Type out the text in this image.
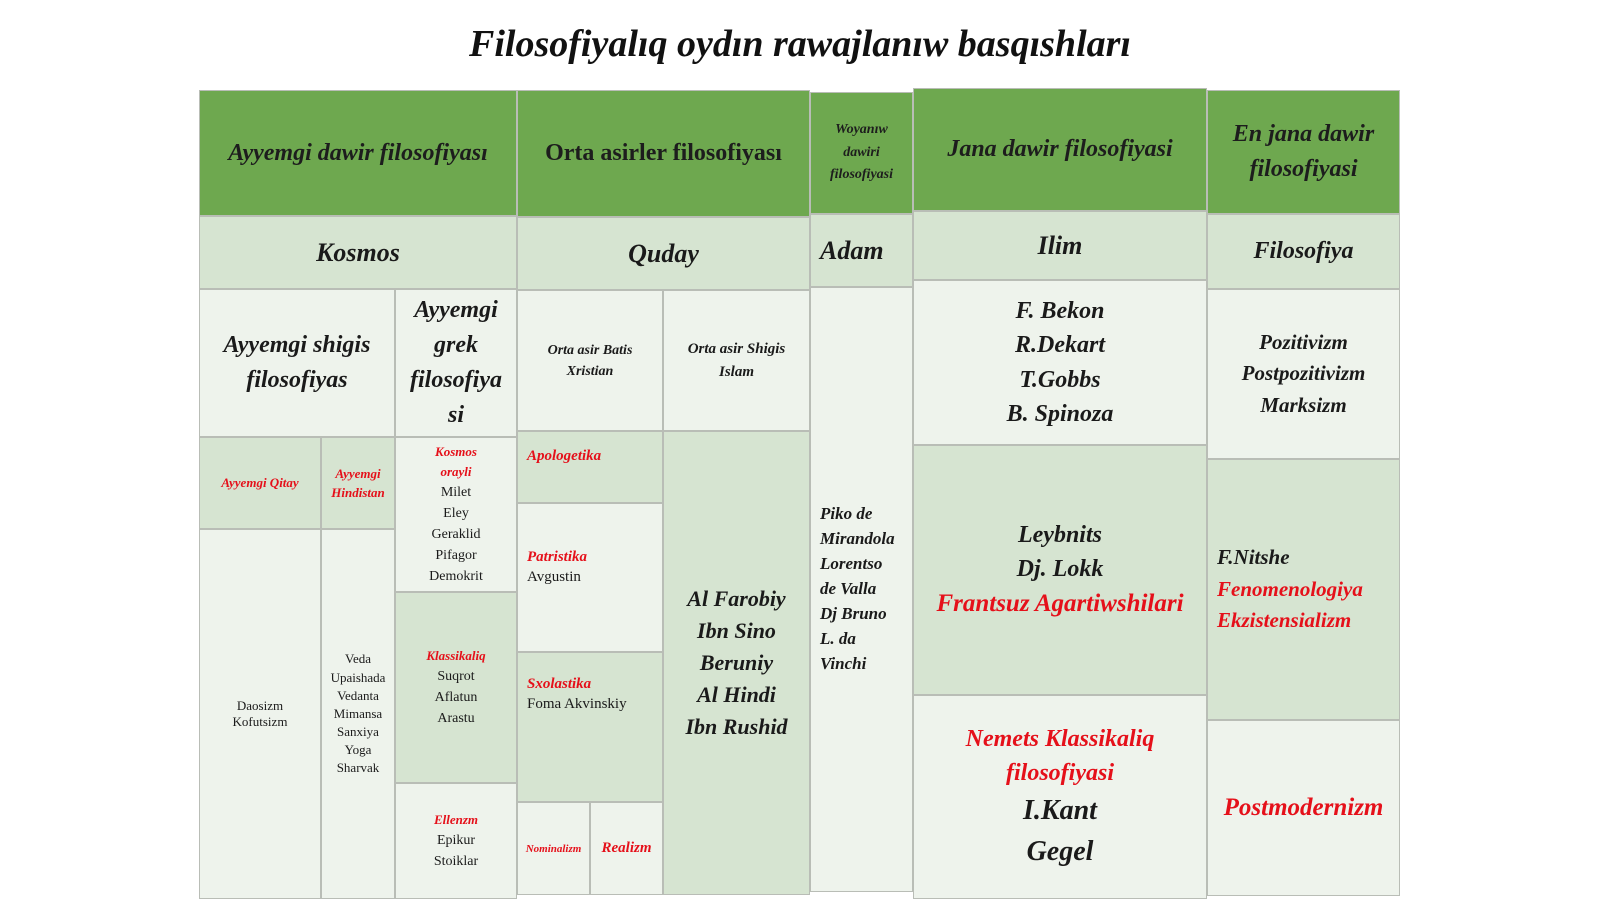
Filosofiyalıq oydın rawajlanıw basqıshları
Ayyemgi dawir filosofiyası
Kosmos
Ayyemgi shigis filosofiyas
Ayyemgi grek filosofiya si
Ayyemgi Qitay
Ayyemgi Hindistan
Daosizm
Kofutsizm
Veda
Upaishada
Vedanta
Mimansa
Sanxiya
Yoga
Sharvak
Kosmos orayli
Milet
Eley
Geraklid
Pifagor
Demokrit
Klassikaliq
Suqrot
Aflatun
Arastu
Ellenzm
Epikur
Stoiklar
Orta asirler filosofiyası
Quday
Orta asir Batis Xristian
Orta asir Shigis Islam
Apologetika
Patristika
Avgustin
Sxolastika
Foma Akvinskiy
Nominalizm Realizm
Al Farobiy
Ibn Sino
Beruniy
Al Hindi
Ibn Rushid
Woyanıw dawiri filosofiyasi
Adam
Piko de
Mirandola
Lorentso
de Valla
Dj Bruno
L. da
Vinchi
Jana dawir filosofiyasi
Ilim
F. Bekon
R.Dekart
T.Gobbs
B. Spinoza
Leybnits
Dj. Lokk
Frantsuz Agartiwshilari
Nemets Klassikaliq filosofiyasi
I.Kant
Gegel
En jana dawir filosofiyasi
Filosofiya
Pozitivizm
Postpozitivizm
Marksizm
F.Nitshe
Fenomenologiya
Ekzistensializm
Postmodernizm
